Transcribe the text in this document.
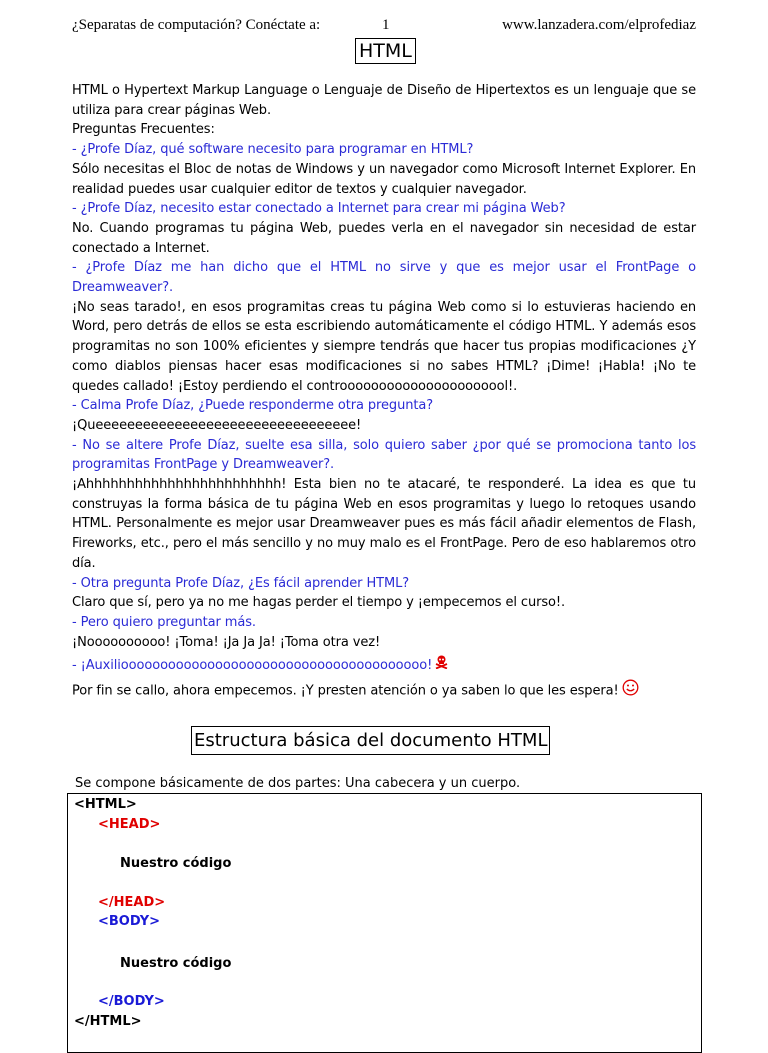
¿Separatas de computación? Conéctate a:	1	www.lanzadera.com/elprofediaz
HTML

HTML o Hypertext Markup Language o Lenguaje de Diseño de Hipertextos es un lenguaje que se utiliza para crear páginas Web.

Preguntas Frecuentes:

- ¿Profe Díaz, qué software necesito para programar en HTML?

Sólo necesitas el Bloc de notas de Windows y un navegador como Microsoft Internet Explorer. En realidad puedes usar cualquier editor de textos y cualquier navegador.

- ¿Profe Díaz, necesito estar conectado a Internet para crear mi página Web?

No. Cuando programas tu página Web, puedes verla en el navegador sin necesidad de estar conectado a Internet.

- ¿Profe Díaz me han dicho que el HTML no sirve y que es mejor usar el FrontPage o Dreamweaver?.

¡No seas tarado!, en esos programitas creas tu página Web como si lo estuvieras haciendo en Word, pero detrás de ellos se esta escribiendo automáticamente el código HTML. Y además esos programitas no son 100% eficientes y siempre tendrás que hacer tus propias modificaciones ¿Y como diablos piensas hacer esas modificaciones si no sabes HTML? ¡Dime! ¡Habla! ¡No te quedes callado! ¡Estoy perdiendo el controooooooooooooooooooool!.

- Calma Profe Díaz, ¿Puede responderme otra pregunta?

¡Queeeeeeeeeeeeeeeeeeeeeeeeeeeeeeeee!

- No se altere Profe Díaz, suelte esa silla, solo quiero saber ¿por qué se promociona tanto los programitas FrontPage y Dreamweaver?.

¡Ahhhhhhhhhhhhhhhhhhhhhhhh! Esta bien no te atacaré, te responderé. La idea es que tu construyas la forma básica de tu página Web en esos programitas y luego lo retoques usando HTML. Personalmente es mejor usar Dreamweaver pues es más fácil añadir elementos de Flash, Fireworks, etc., pero el más sencillo y no muy malo es el FrontPage. Pero de eso hablaremos otro día.

- Otra pregunta Profe Díaz, ¿Es fácil aprender HTML?

Claro que sí, pero ya no me hagas perder el tiempo y ¡empecemos el curso!.

- Pero quiero preguntar más.

¡Noooooooooo! ¡Toma! ¡Ja Ja Ja! ¡Toma otra vez!

- ¡Auxiliooooooooooooooooooooooooooooooooooooooo!

Por fin se callo, ahora empecemos. ¡Y presten atención o ya saben lo que les espera!

Estructura básica del documento HTML
Se compone básicamente de dos partes: Una cabecera y un cuerpo.
<HTML>
<HEAD>
Nuestro código
</HEAD>
<BODY>
Nuestro código
</BODY>
</HTML>
